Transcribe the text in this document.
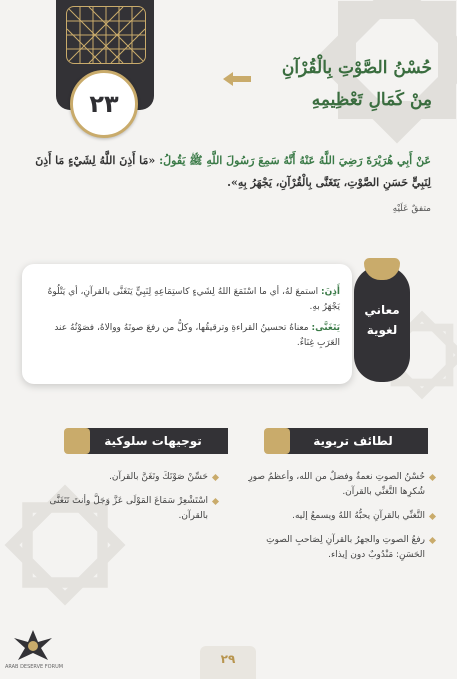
٢٣
حُسْنُ الصَّوْتِ بِالْقُرْآنِ
مِنْ كَمَالِ تَعْظِيمِهِ
عَنْ أَبِي هُرَيْرَةَ رَضِيَ اللَّهُ عَنْهُ أَنَّهُ سَمِعَ رَسُولَ اللَّهِ ﷺ يَقُولُ: «مَا أَذِنَ اللَّهُ لِشَيْءٍ مَا أَذِنَ لِنَبِيٍّ حَسَنِ الصَّوْتِ، يَتَغَنَّى بِالْقُرْآنِ، يَجْهَرُ بِهِ».
متفقٌ عَلَيْهِ

أَذِنَ: استمعَ لهُ، أي ما اسْتَمَعَ اللهُ لِشَيءٍ كاستِمَاعِهِ لِنَبِيٍّ يَتَغَنَّى بالقرآنِ، أي يَتْلُوهُ يَجْهَرُ بهِ.

يَتَغَنَّى: معناهُ تحسينُ القراءةِ وترقيقُها، وكلُّ من رفعَ صوتَهُ ووالاهُ، فصَوْتُهُ عند العَرَبِ غِنَاءٌ.

معاني
لغوية
توجيهات سلوكية	لطائف تربوية
حُسْنُ الصوتِ نعمةٌ وفضلٌ من الله، وأعظمُ صورِ شُكرِها التَّغنِّي بالقرآن.
التَّغنِّي بالقرآنِ يحبُّهُ اللهُ ويسمعُ إليه.
رفعُ الصوتِ والجهرُ بالقرآنِ لِصَاحبِ الصوتِ الحَسَنِ: مَنْدُوبٌ دون إيذاء.
حَسِّنْ صَوْتَكَ وتَغَنَّ بالقرآن.
اسْتَشْعِرْ سَمَاعَ المَوْلَى عَزَّ وَجَلَّ وأنتَ تَتَغَنَّى بالقرآن.
٢٩
ARAB DESERVE FORUM
